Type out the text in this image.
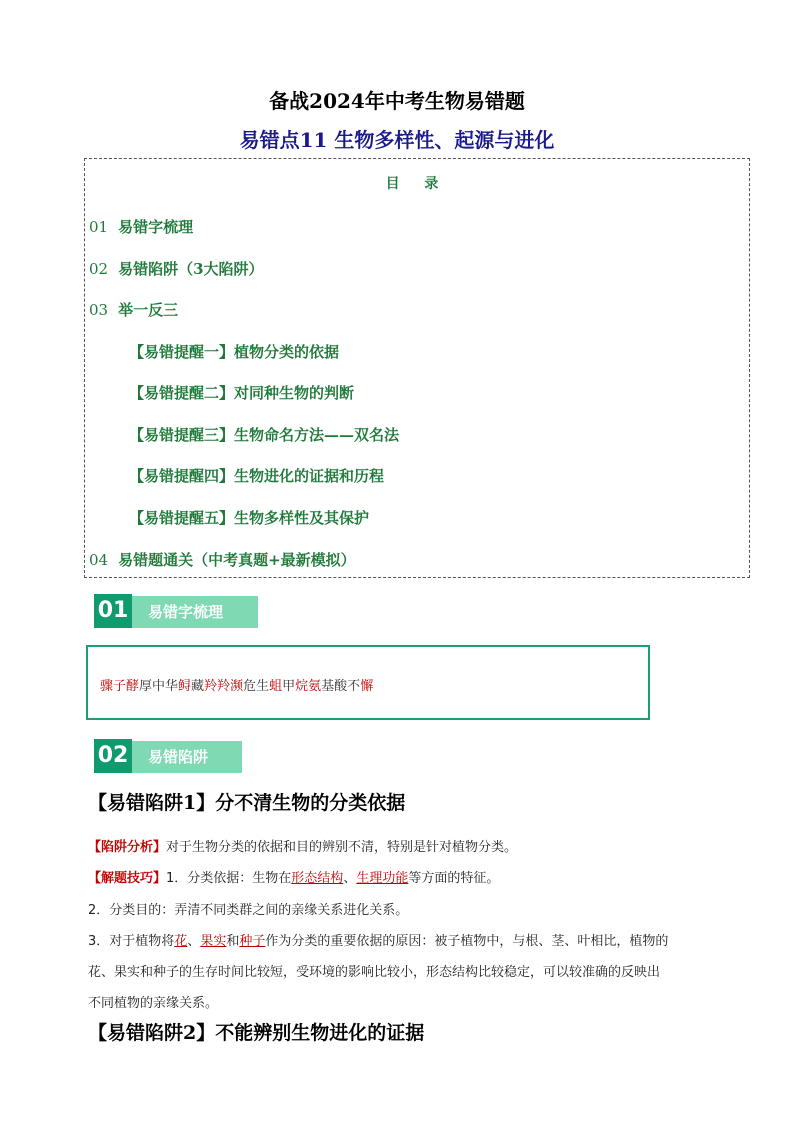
备战2024年中考生物易错题
易错点11 生物多样性、起源与进化
目 录
01 易错字梳理
02 易错陷阱（3大陷阱）
03 举一反三
【易错提醒一】植物分类的依据
【易错提醒二】对同种生物的判断
【易错提醒三】生物命名方法——双名法
【易错提醒四】生物进化的证据和历程
【易错提醒五】生物多样性及其保护
04 易错题通关（中考真题+最新模拟）
易错字梳理
01
骤子酵厚中华鲟藏羚羚濒危生蛆甲烷氨基酸不懈
易错陷阱
02
【易错陷阱1】分不清生物的分类依据
【陷阱分析】对于生物分类的依据和目的辨别不清，特别是针对植物分类。
【解题技巧】1．分类依据：生物在形态结构、生理功能等方面的特征。
2．分类目的：弄清不同类群之间的亲缘关系进化关系。
3．对于植物将花、果实和种子作为分类的重要依据的原因：被子植物中，与根、茎、叶相比，植物的
花、果实和种子的生存时间比较短，受环境的影响比较小，形态结构比较稳定，可以较准确的反映出
不同植物的亲缘关系。
【易错陷阱2】不能辨别生物进化的证据
